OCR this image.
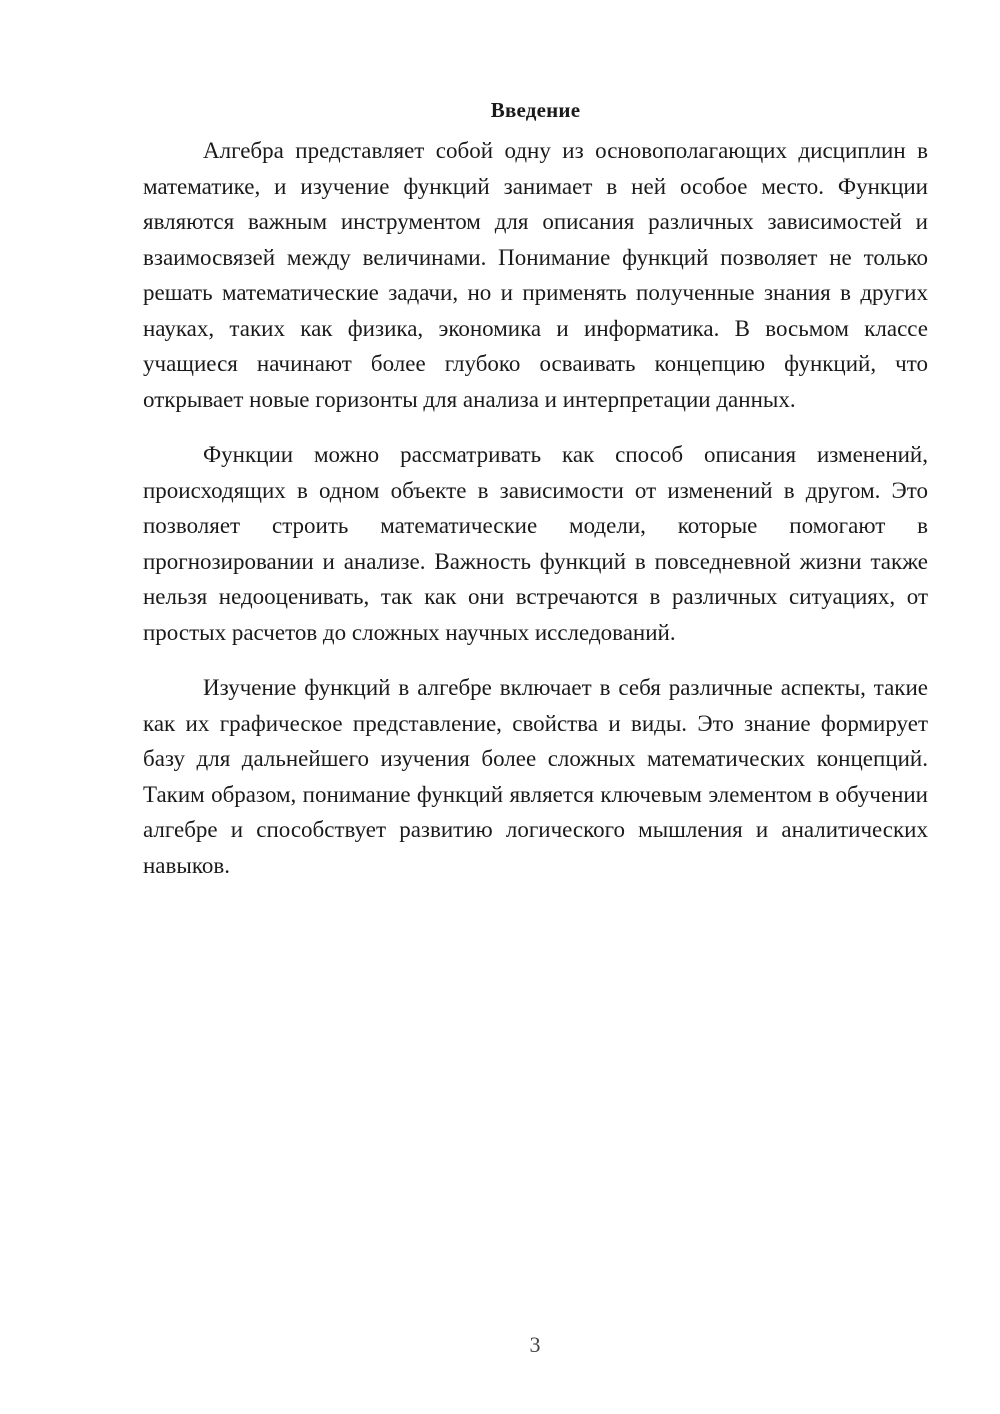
Введение

Алгебра представляет собой одну из основополагающих дисциплин в математике, и изучение функций занимает в ней особое место. Функции являются важным инструментом для описания различных зависимостей и взаимосвязей между величинами. Понимание функций позволяет не только решать математические задачи, но и применять полученные знания в других науках, таких как физика, экономика и информатика. В восьмом классе учащиеся начинают более глубоко осваивать концепцию функций, что открывает новые горизонты для анализа и интерпретации данных.

Функции можно рассматривать как способ описания изменений, происходящих в одном объекте в зависимости от изменений в другом. Это позволяет строить математические модели, которые помогают в прогнозировании и анализе. Важность функций в повседневной жизни также нельзя недооценивать, так как они встречаются в различных ситуациях, от простых расчетов до сложных научных исследований.

Изучение функций в алгебре включает в себя различные аспекты, такие как их графическое представление, свойства и виды. Это знание формирует базу для дальнейшего изучения более сложных математических концепций. Таким образом, понимание функций является ключевым элементом в обучении алгебре и способствует развитию логического мышления и аналитических навыков.

3
